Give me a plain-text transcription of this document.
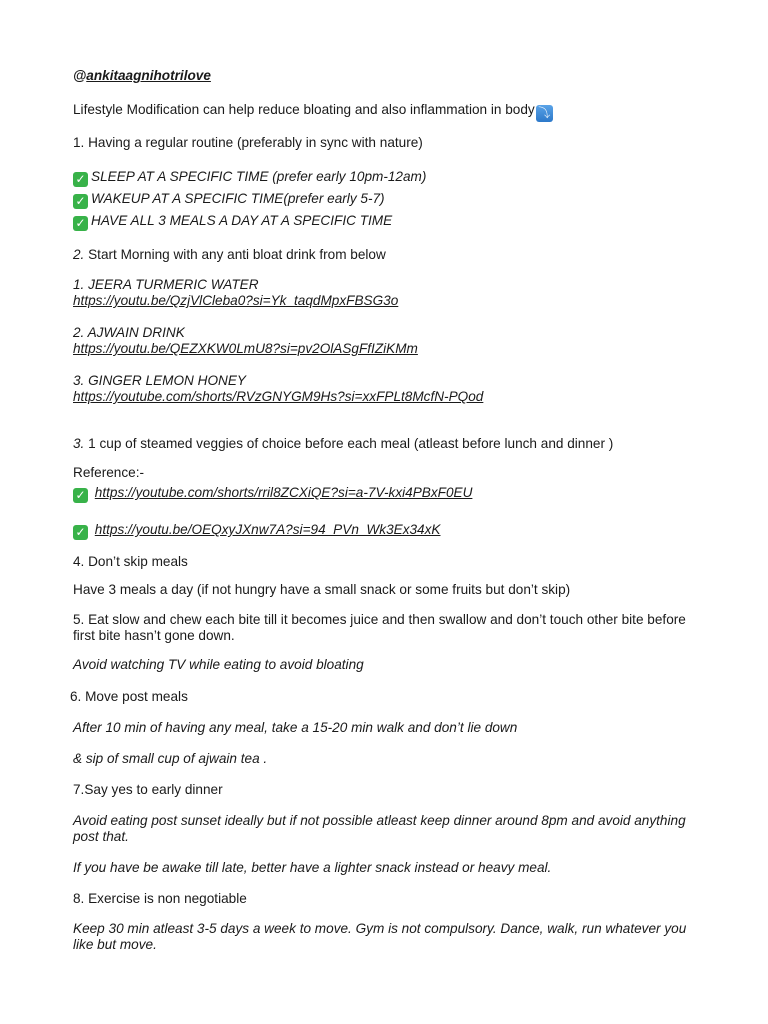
@ankitaagnihotrilove
Lifestyle Modification can help reduce bloating and also inflammation in body ⤵
1. Having a regular routine (preferably in sync with nature)
✓ SLEEP AT A SPECIFIC TIME (prefer early 10pm-12am)
✓ WAKEUP AT A SPECIFIC TIME(prefer early 5-7)
✓ HAVE ALL 3 MEALS A DAY AT A SPECIFIC TIME
2. Start Morning with any anti bloat drink from below
1. JEERA TURMERIC WATER
https://youtu.be/QzjVlCleba0?si=Yk_taqdMpxFBSG3o
2. AJWAIN DRINK
https://youtu.be/QEZXKW0LmU8?si=pv2OlASgFfIZiKMm
3. GINGER LEMON HONEY
https://youtube.com/shorts/RVzGNYGM9Hs?si=xxFPLt8McfN-PQod
3. 1 cup of steamed veggies of choice before each meal (atleast before lunch and dinner )
Reference:-
✓ https://youtube.com/shorts/rril8ZCXiQE?si=a-7V-kxi4PBxF0EU
✓ https://youtu.be/OEQxyJXnw7A?si=94_PVn_Wk3Ex34xK
4. Don’t skip meals
Have 3 meals a day (if not hungry have a small snack or some fruits but don’t skip)
5. Eat slow and chew each bite till it becomes juice and then swallow and don’t touch other bite before first bite hasn’t gone down.
Avoid watching TV while eating to avoid bloating
6. Move post meals
After 10 min of having any meal, take a 15-20 min walk and don’t lie down
& sip of small cup of ajwain tea .
7.Say yes to early dinner
Avoid eating post sunset ideally but if not possible atleast keep dinner around 8pm and avoid anything post that.
If you have be awake till late, better have a lighter snack instead or heavy meal.
8. Exercise is non negotiable
Keep 30 min atleast 3-5 days a week to move. Gym is not compulsory. Dance, walk, run whatever you like but move.
